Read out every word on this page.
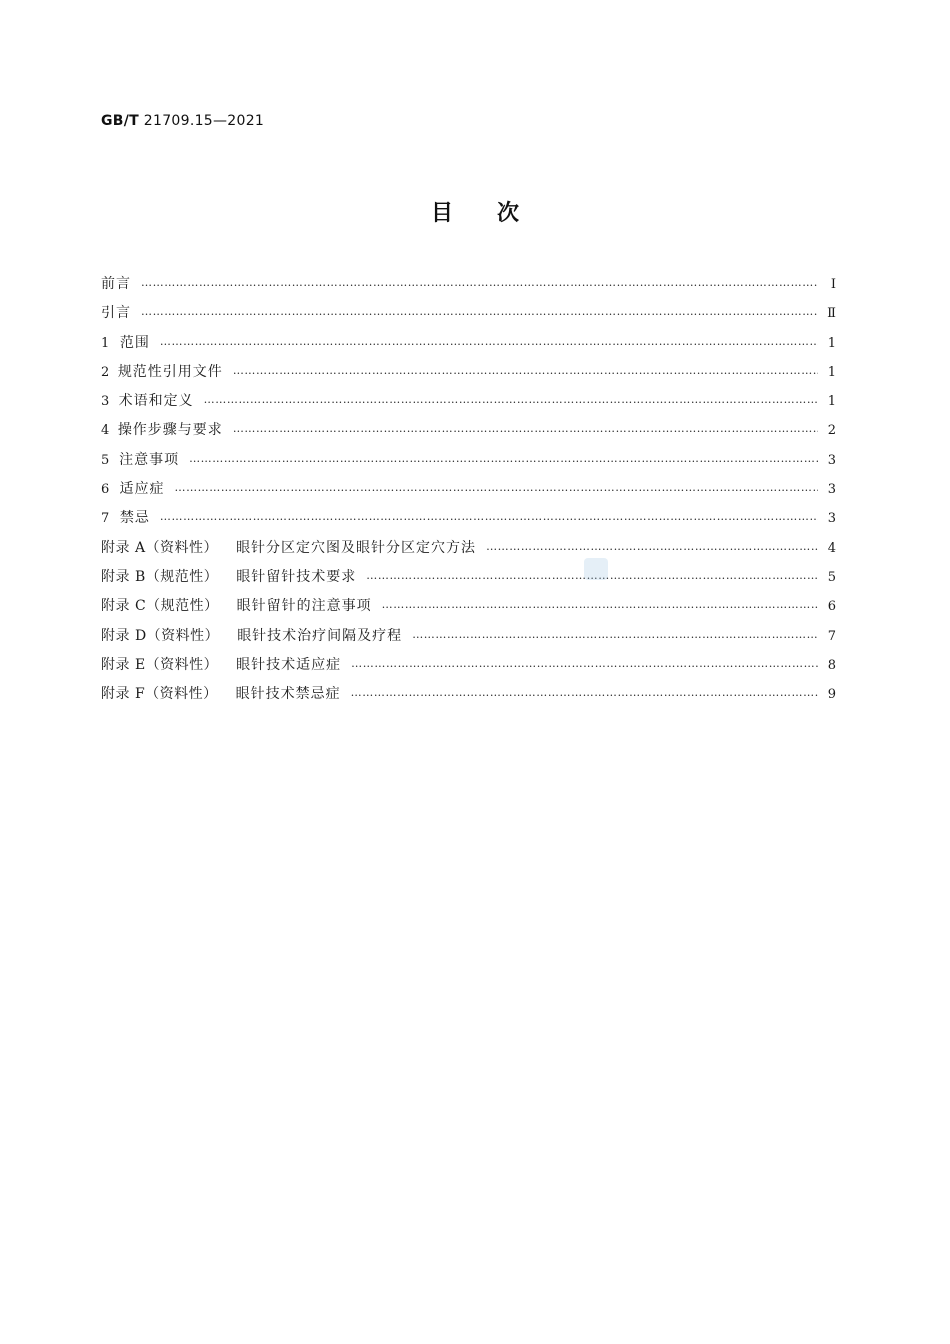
GB/T 21709.15—2021
目次
前言 ………………………………………………………………………………………………………………………………………………………………………………………………………………	Ⅰ
引言 ………………………………………………………………………………………………………………………………………………………………………………………………………………	Ⅱ
1 范围 ………………………………………………………………………………………………………………………………………………………………………………………………………………	1
2 规范性引用文件 ………………………………………………………………………………………………………………………………………………………………………………………………………………	1
3 术语和定义 ………………………………………………………………………………………………………………………………………………………………………………………………………………	1
4 操作步骤与要求 ………………………………………………………………………………………………………………………………………………………………………………………………………………	2
5 注意事项 ………………………………………………………………………………………………………………………………………………………………………………………………………………	3
6 适应症 ………………………………………………………………………………………………………………………………………………………………………………………………………………	3
7 禁忌 ………………………………………………………………………………………………………………………………………………………………………………………………………………	3
附录 A（资料性） 眼针分区定穴图及眼针分区定穴方法 ………………………………………………………………………………………………………………………………………………………………………………………………………………	4
附录 B（规范性） 眼针留针技术要求 ………………………………………………………………………………………………………………………………………………………………………………………………………………	5
附录 C（规范性） 眼针留针的注意事项 ………………………………………………………………………………………………………………………………………………………………………………………………………………	6
附录 D（资料性） 眼针技术治疗间隔及疗程 ………………………………………………………………………………………………………………………………………………………………………………………………………………	7
附录 E（资料性） 眼针技术适应症 ………………………………………………………………………………………………………………………………………………………………………………………………………………	8
附录 F（资料性） 眼针技术禁忌症 ………………………………………………………………………………………………………………………………………………………………………………………………………………	9
